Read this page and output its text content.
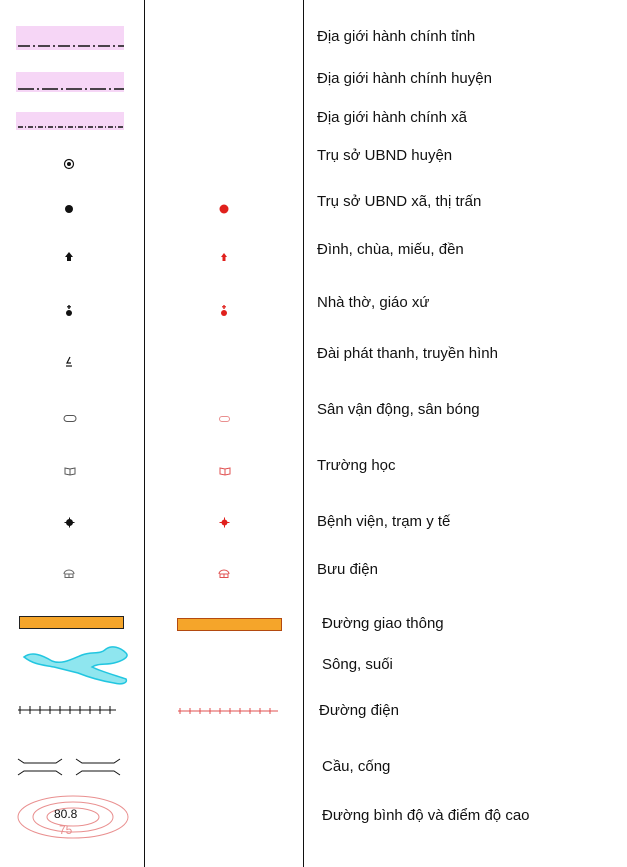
Địa giới hành chính tỉnh
Địa giới hành chính huyện
Địa giới hành chính xã
Trụ sở UBND huyện
Trụ sở UBND xã, thị trấn
Đình, chùa, miếu, đền
Nhà thờ, giáo xứ
Đài phát thanh, truyền hình
Sân vận động, sân bóng
Trường học
Bệnh viện, trạm y tế
Bưu điện
Đường giao thông
Sông, suối
Đường điện
Cầu, cống
80.8
75
Đường bình độ và điểm độ cao
